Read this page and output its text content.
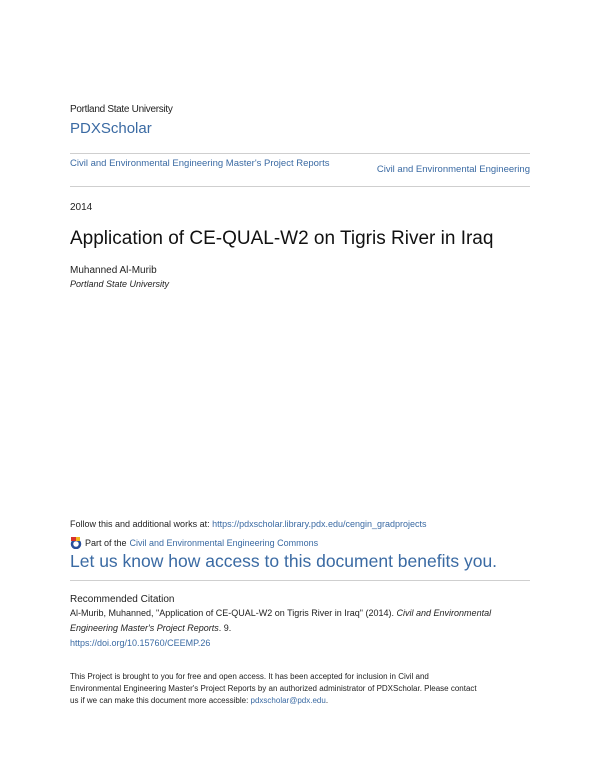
Portland State University
PDXScholar
Civil and Environmental Engineering Master's Project Reports
Civil and Environmental Engineering
2014
Application of CE-QUAL-W2 on Tigris River in Iraq
Muhanned Al-Murib
Portland State University
Follow this and additional works at: https://pdxscholar.library.pdx.edu/cengin_gradprojects
Part of the Civil and Environmental Engineering Commons
Let us know how access to this document benefits you.
Recommended Citation
Al-Murib, Muhanned, "Application of CE-QUAL-W2 on Tigris River in Iraq" (2014). Civil and Environmental
Engineering Master's Project Reports. 9.
https://doi.org/10.15760/CEEMP.26
This Project is brought to you for free and open access. It has been accepted for inclusion in Civil and
Environmental Engineering Master's Project Reports by an authorized administrator of PDXScholar. Please contact
us if we can make this document more accessible: pdxscholar@pdx.edu.
